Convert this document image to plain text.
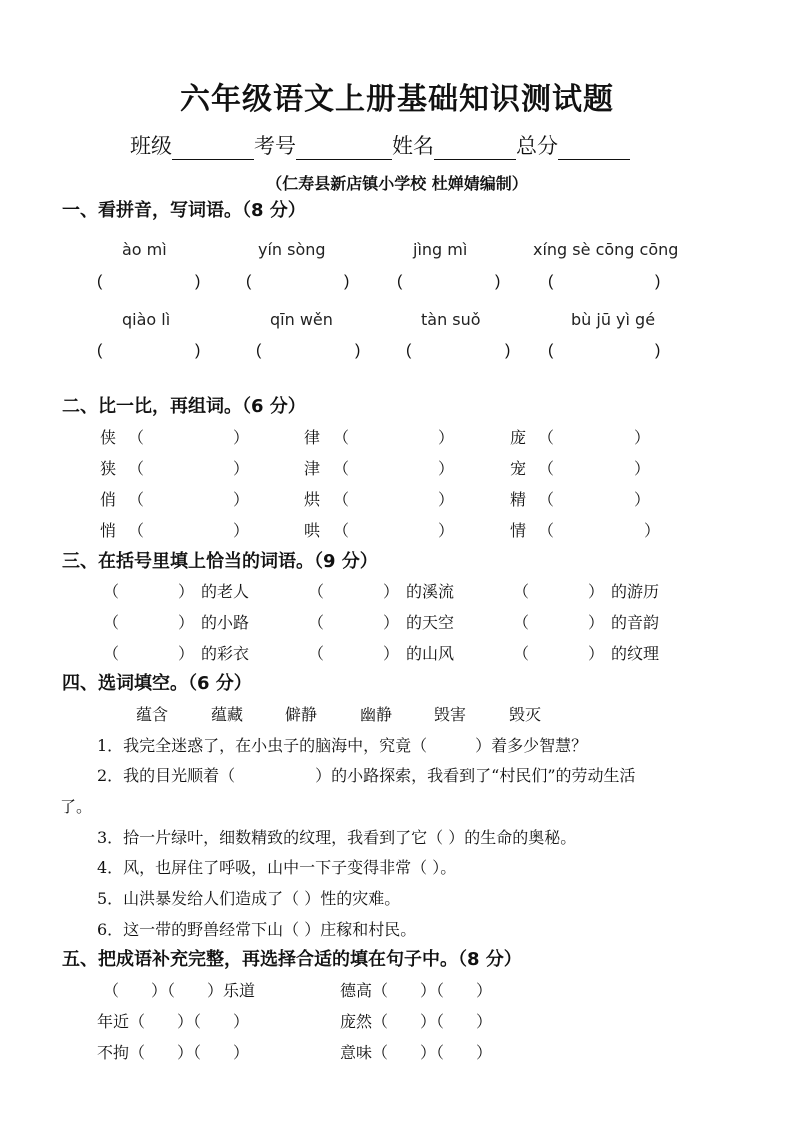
六年级语文上册基础知识测试题
班级	考号	姓名	总分
（仁寿县新店镇小学校 杜婵婧编制）
一、看拼音，写词语。（8 分）
ào mì	yín sòng	jìng mì	xíng sè cōng cōng
(	)	(	)	(	)	(	)
qiào lì	qīn wěn	tàn suǒ	bù jū yì gé
(	)	(	)	(	) (	)
二、比一比，再组词。（6 分）
侠 （	）	律 （	）	庞 （	）
狭 （	）	津 （	）	宠 （	）
俏 （	）	烘 （	）	精 （	）
悄 （	）	哄 （	）	情 （	）
三、在括号里填上恰当的词语。（9 分）
（	） 的老人	（	） 的溪流	（	） 的游历
（	） 的小路	（	） 的天空	（	） 的音韵
（	） 的彩衣	（	） 的山风	（	） 的纹理
四、选词填空。（6 分）
蕴含	蕴藏	僻静	幽静	毁害	毁灭
1．我完全迷惑了，在小虫子的脑海中，究竟（　　　）着多少智慧？
2．我的目光顺着（　　　　　）的小路探索，我看到了“村民们”的劳动生活
了。
3．拾一片绿叶，细数精致的纹理，我看到了它（ ）的生命的奥秘。
4．风，也屏住了呼吸，山中一下子变得非常（ ）。
5．山洪暴发给人们造成了（ ）性的灾难。
6．这一带的野兽经常下山（ ）庄稼和村民。
五、把成语补充完整，再选择合适的填在句子中。（8 分）
（　　）（　　）乐道	德高（　　）（　　）
年近（　　）（　　）	庞然（　　）（　　）
不拘（　　）（　　）	意味（　　）（　　）
